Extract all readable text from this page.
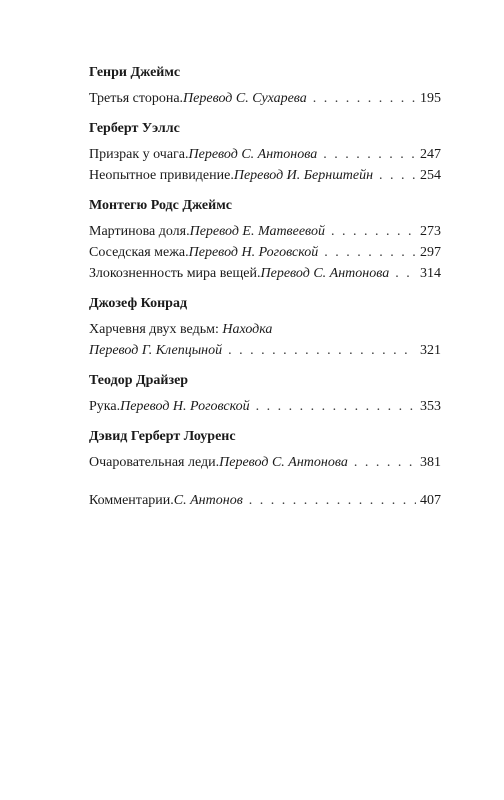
Генри Джеймс
Третья сторона . Перевод С. Сухарева . . .	195
Герберт Уэллс
Призрак у очага . Перевод С. Антонова . . .	247
Неопытное привидение . Перевод И. Бернштейн . . .	254
Монтегю Родс Джеймс
Мартинова доля . Перевод Е. Матвеевой . . .	273
Соседская межа . Перевод Н. Роговской . . .	297
Злокозненность мира вещей . Перевод С. Антонова . . . 314
Джозеф Конрад
Харчевня двух ведьм: Находка
Перевод Г. Клепцыной . . .	321
Теодор Драйзер
Рука . Перевод Н. Роговской . . .	353
Дэвид Герберт Лоуренс
Очаровательная леди . Перевод С. Антонова . . .	381
Комментарии . С. Антонов . . .	407
